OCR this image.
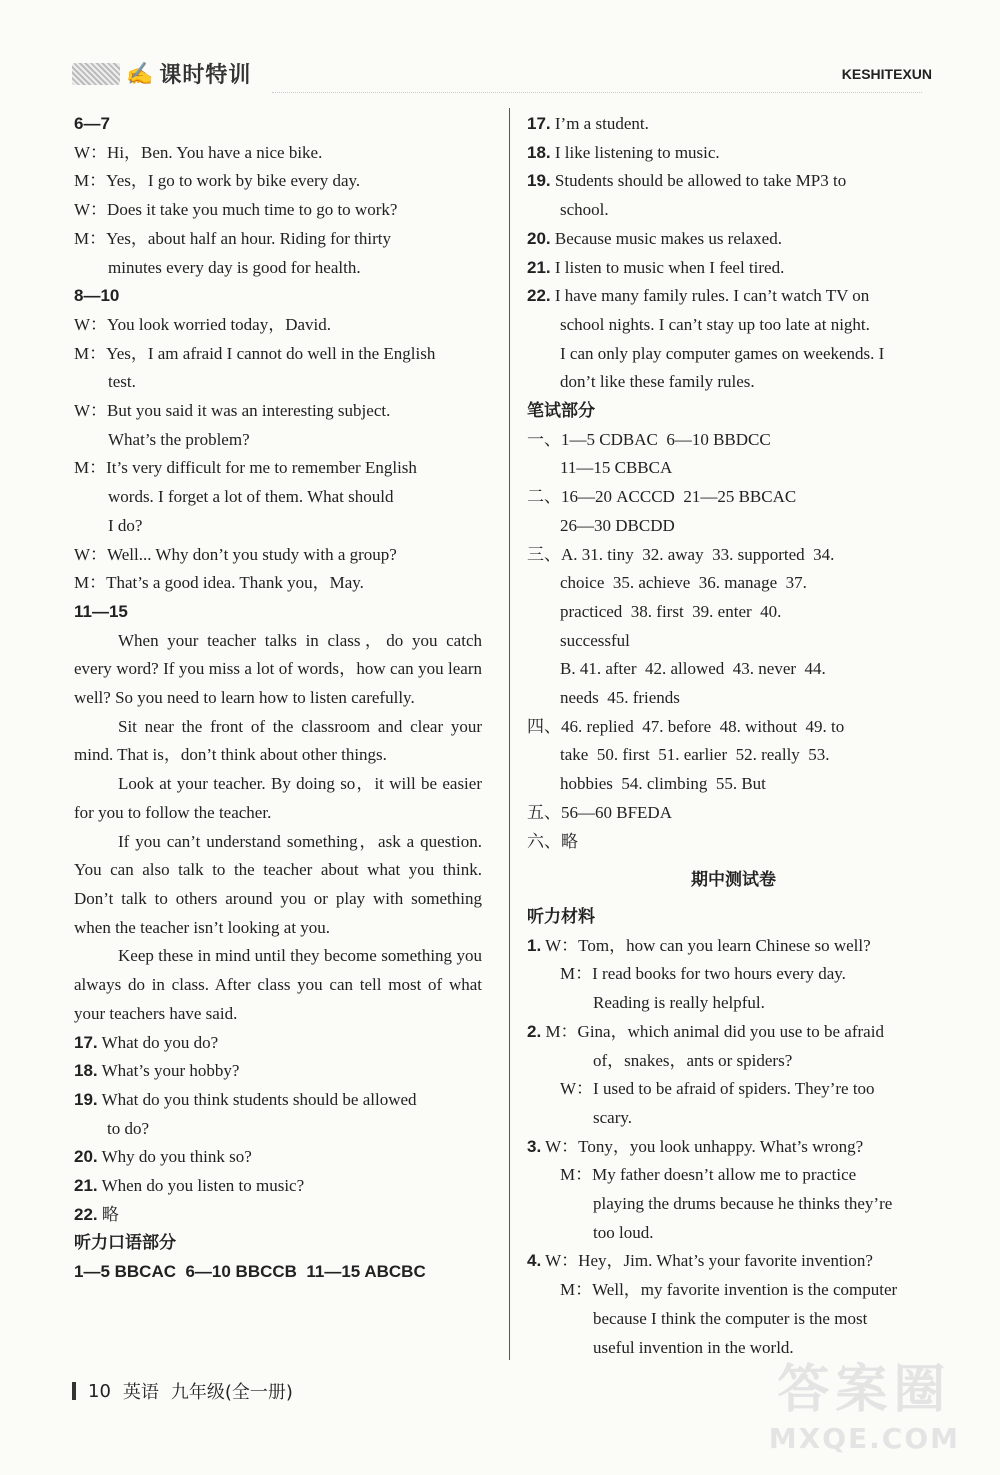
✍ 课时特训	KESHITEXUN
6—7
W：Hi，Ben. You have a nice bike.
M：Yes，I go to work by bike every day.
W：Does it take you much time to go to work?
M：Yes，about half an hour. Riding for thirty
minutes every day is good for health.
8—10
W：You look worried today，David.
M：Yes，I am afraid I cannot do well in the English
test.
W：But you said it was an interesting subject.
What’s the problem?
M：It’s very difficult for me to remember English
words. I forget a lot of them. What should
I do?
W：Well... Why don’t you study with a group?
M：That’s a good idea. Thank you，May.
11—15
When your teacher talks in class，do you catch every word? If you miss a lot of words，how can you learn well? So you need to learn how to listen carefully.
Sit near the front of the classroom and clear your mind. That is，don’t think about other things.
Look at your teacher. By doing so，it will be easier for you to follow the teacher.
If you can’t understand something，ask a question. You can also talk to the teacher about what you think. Don’t talk to others around you or play with something when the teacher isn’t looking at you.
Keep these in mind until they become something you always do in class. After class you can tell most of what your teachers have said.
17. What do you do?
18. What’s your hobby?
19. What do you think students should be allowed
to do?
20. Why do you think so?
21. When do you listen to music?
22. 略
听力口语部分
1—5 BBCAC  6—10 BBCCB  11—15 ABCBC
17. I’m a student.
18. I like listening to music.
19. Students should be allowed to take MP3 to
school.
20. Because music makes us relaxed.
21. I listen to music when I feel tired.
22. I have many family rules. I can’t watch TV on
school nights. I can’t stay up too late at night.
I can only play computer games on weekends. I
don’t like these family rules.
笔试部分
一、1—5 CDBAC  6—10 BBDCC
11—15 CBBCA
二、16—20 ACCCD  21—25 BBCAC
26—30 DBCDD
三、A. 31. tiny  32. away  33. supported  34.
choice  35. achieve  36. manage  37.
practiced  38. first  39. enter  40.
successful
B. 41. after  42. allowed  43. never  44.
needs  45. friends
四、46. replied  47. before  48. without  49. to
take  50. first  51. earlier  52. really  53.
hobbies  54. climbing  55. But
五、56—60 BFEDA
六、略
期中测试卷
听力材料
1. W：Tom，how can you learn Chinese so well?
M：I read books for two hours every day.
Reading is really helpful.
2. M：Gina，which animal did you use to be afraid
of，snakes，ants or spiders?
W：I used to be afraid of spiders. They’re too
scary.
3. W：Tony，you look unhappy. What’s wrong?
M：My father doesn’t allow me to practice
playing the drums because he thinks they’re
too loud.
4. W：Hey，Jim. What’s your favorite invention?
M：Well，my favorite invention is the computer
because I think the computer is the most
useful invention in the world.
10 英语 九年级(全一册)	答案圈
MXQE.COM
